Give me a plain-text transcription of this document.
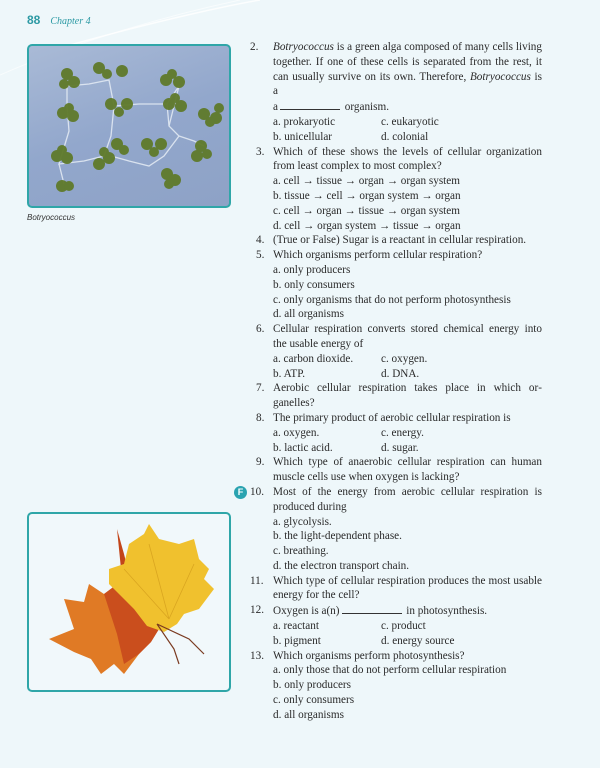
88 Chapter 4
Botryococcus
2. Botryococcus is a green alga composed of many cells living together. If one of these cells is separated from the rest, it can usually survive on its own. Therefore, Botryococcus is a
a	organism.
a. prokaryotic	c. eukaryotic
b. unicellular	d. colonial
3. Which of these shows the levels of cellular organization from least complex to most complex?
a. cell → tissue → organ → organ system
b. tissue → cell → organ system → organ
c. cell → organ → tissue → organ system
d. cell → organ system → tissue → organ
4. (True or False) Sugar is a reactant in cellular respiration.
5. Which organisms perform cellular respiration?
a. only producers
b. only consumers
c. only organisms that do not perform photosynthesis
d. all organisms
6. Cellular respiration converts stored chemical energy into the usable energy of
a. carbon dioxide.	c. oxygen.
b. ATP.	d. DNA.
7. Aerobic cellular respiration takes place in which organelles?
8. The primary product of aerobic cellular respiration is
a. oxygen.	c. energy.
b. lactic acid.	d. sugar.
9. Which type of anaerobic cellular respiration can human muscle cells use when oxygen is lacking?
F 10. Most of the energy from aerobic cellular respiration is produced during
a. glycolysis.
b. the light-dependent phase.
c. breathing.
d. the electron transport chain.
11. Which type of cellular respiration produces the most usable energy for the cell?
12. Oxygen is a(n)	in photosynthesis.
a. reactant	c. product
b. pigment	d. energy source
13. Which organisms perform photosynthesis?
a. only those that do not perform cellular respiration
b. only producers
c. only consumers
d. all organisms
